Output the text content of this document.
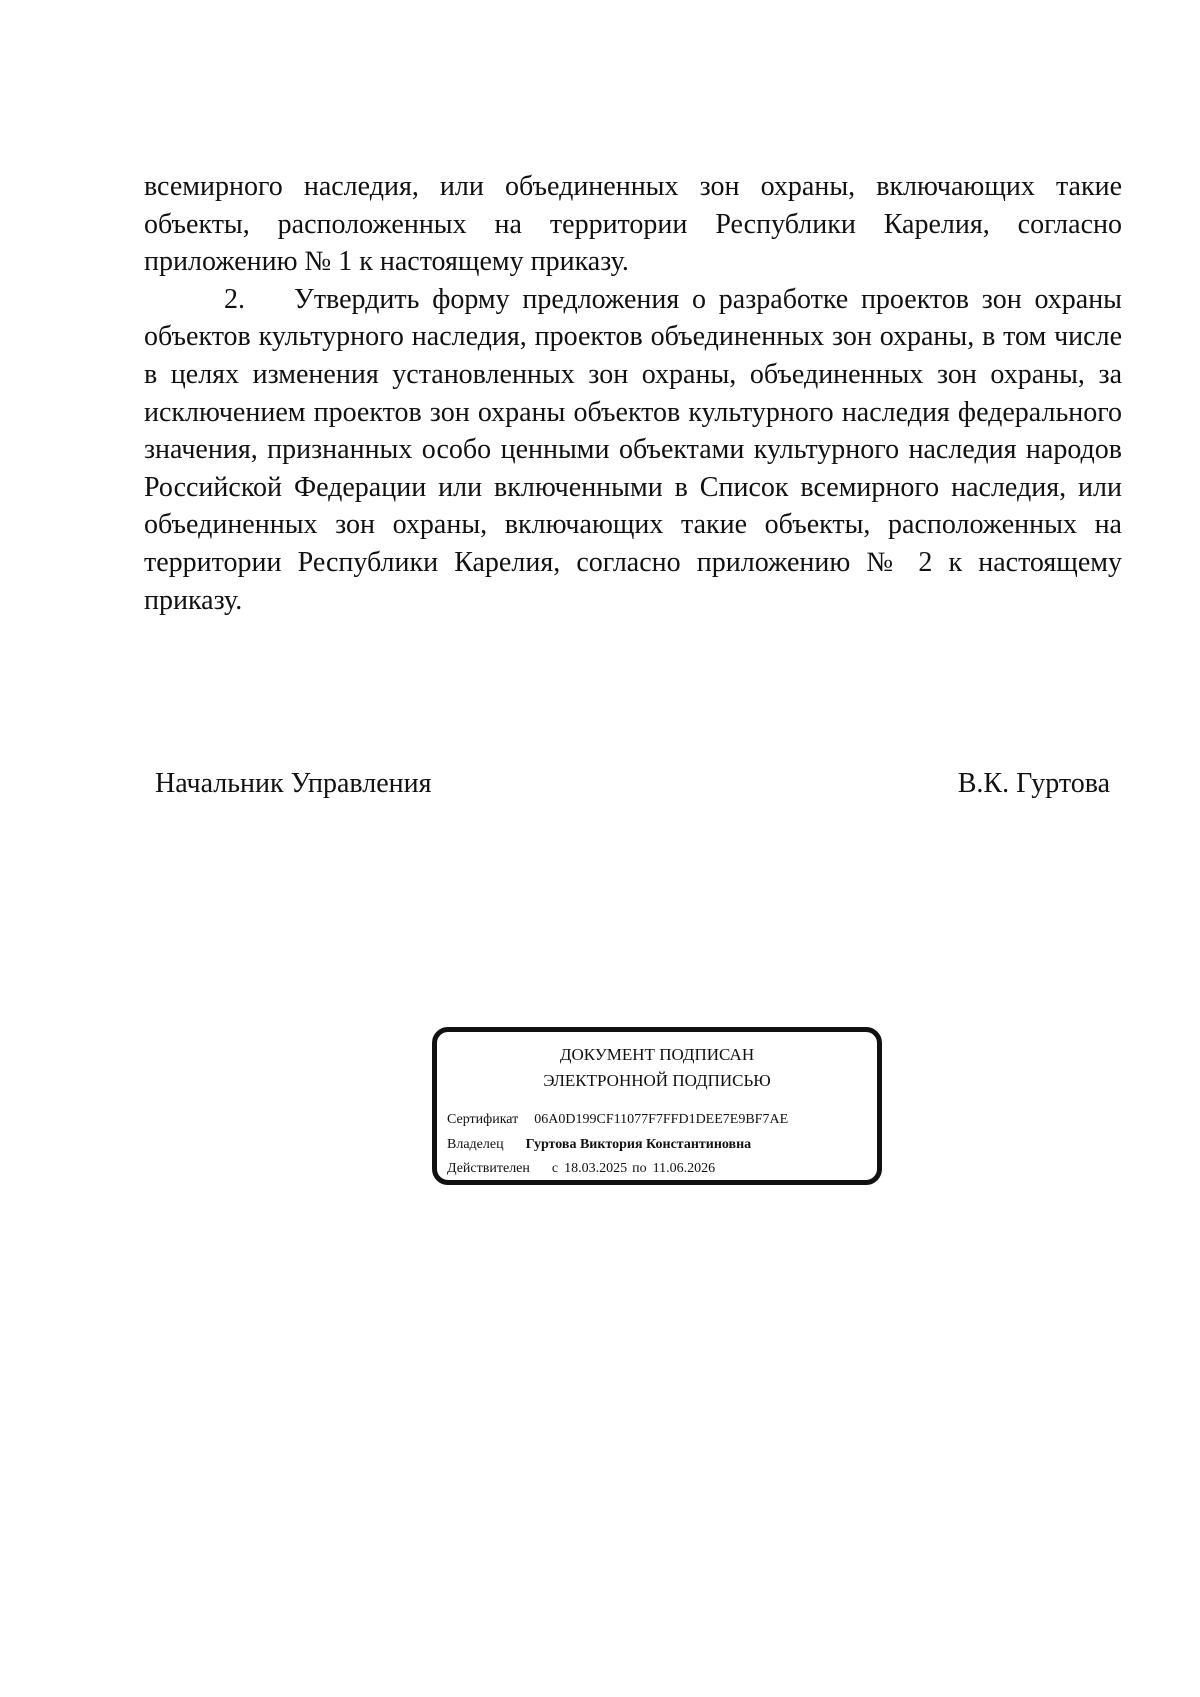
всемирного наследия, или объединенных зон охраны, включающих такие объекты, расположенных на территории Республики Карелия, согласно приложению № 1 к настоящему приказу.

2. Утвердить форму предложения о разработке проектов зон охраны объектов культурного наследия, проектов объединенных зон охраны, в том числе в целях изменения установленных зон охраны, объединенных зон охраны, за исключением проектов зон охраны объектов культурного наследия федерального значения, признанных особо ценными объектами культурного наследия народов Российской Федерации или включенными в Список всемирного наследия, или объединенных зон охраны, включающих такие объекты, расположенных на территории Республики Карелия, согласно приложению № 2 к настоящему приказу.

Начальник Управления	В.К. Гуртова
ДОКУМЕНТ ПОДПИСАН
ЭЛЕКТРОННОЙ ПОДПИСЬЮ
Сертификат 06A0D199CF11077F7FFD1DEE7E9BF7AE
Владелец Гуртова Виктория Константиновна
Действителен с 18.03.2025 по 11.06.2026
